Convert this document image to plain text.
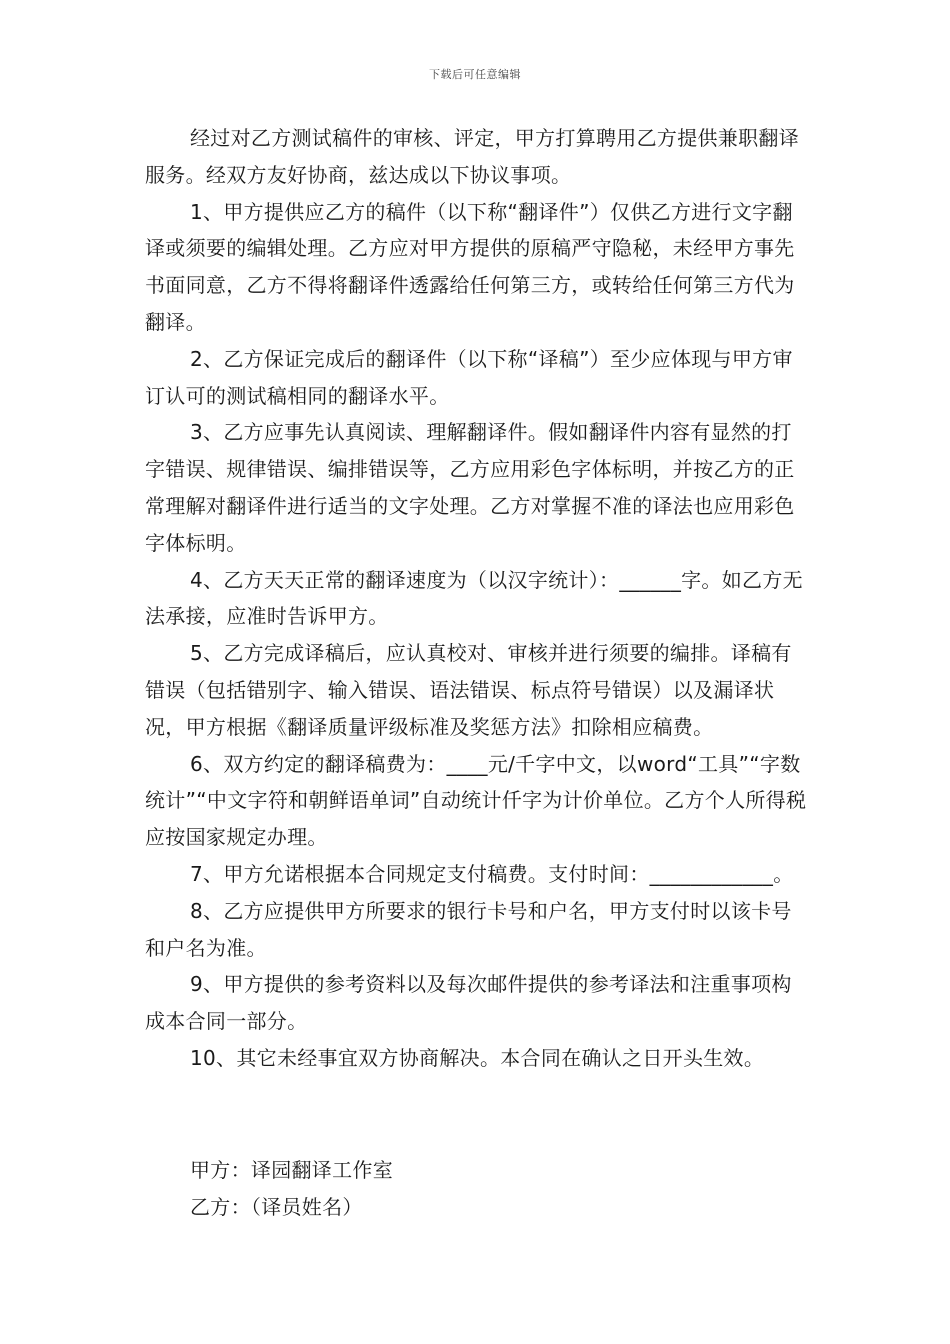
下载后可任意编辑

经过对乙方测试稿件的审核、评定，甲方打算聘用乙方提供兼职翻译服务。经双方友好协商，兹达成以下协议事项。

1、甲方提供应乙方的稿件（以下称“翻译件”）仅供乙方进行文字翻译或须要的编辑处理。乙方应对甲方提供的原稿严守隐秘，未经甲方事先书面同意，乙方不得将翻译件透露给任何第三方，或转给任何第三方代为翻译。

2、乙方保证完成后的翻译件（以下称“译稿”）至少应体现与甲方审订认可的测试稿相同的翻译水平。

3、乙方应事先认真阅读、理解翻译件。假如翻译件内容有显然的打字错误、规律错误、编排错误等，乙方应用彩色字体标明，并按乙方的正常理解对翻译件进行适当的文字处理。乙方对掌握不准的译法也应用彩色字体标明。

4、乙方天天正常的翻译速度为（以汉字统计）：______字。如乙方无法承接，应准时告诉甲方。

5、乙方完成译稿后，应认真校对、审核并进行须要的编排。译稿有错误（包括错别字、输入错误、语法错误、标点符号错误）以及漏译状况，甲方根据《翻译质量评级标准及奖惩方法》扣除相应稿费。

6、双方约定的翻译稿费为：____元/千字中文，以word“工具”“字数统计”“中文字符和朝鲜语单词”自动统计仟字为计价单位。乙方个人所得税应按国家规定办理。

7、甲方允诺根据本合同规定支付稿费。支付时间：____________。

8、乙方应提供甲方所要求的银行卡号和户名，甲方支付时以该卡号和户名为准。

9、甲方提供的参考资料以及每次邮件提供的参考译法和注重事项构成本合同一部分。

10、其它未经事宜双方协商解决。本合同在确认之日开头生效。

甲方：译园翻译工作室
乙方：（译员姓名）
